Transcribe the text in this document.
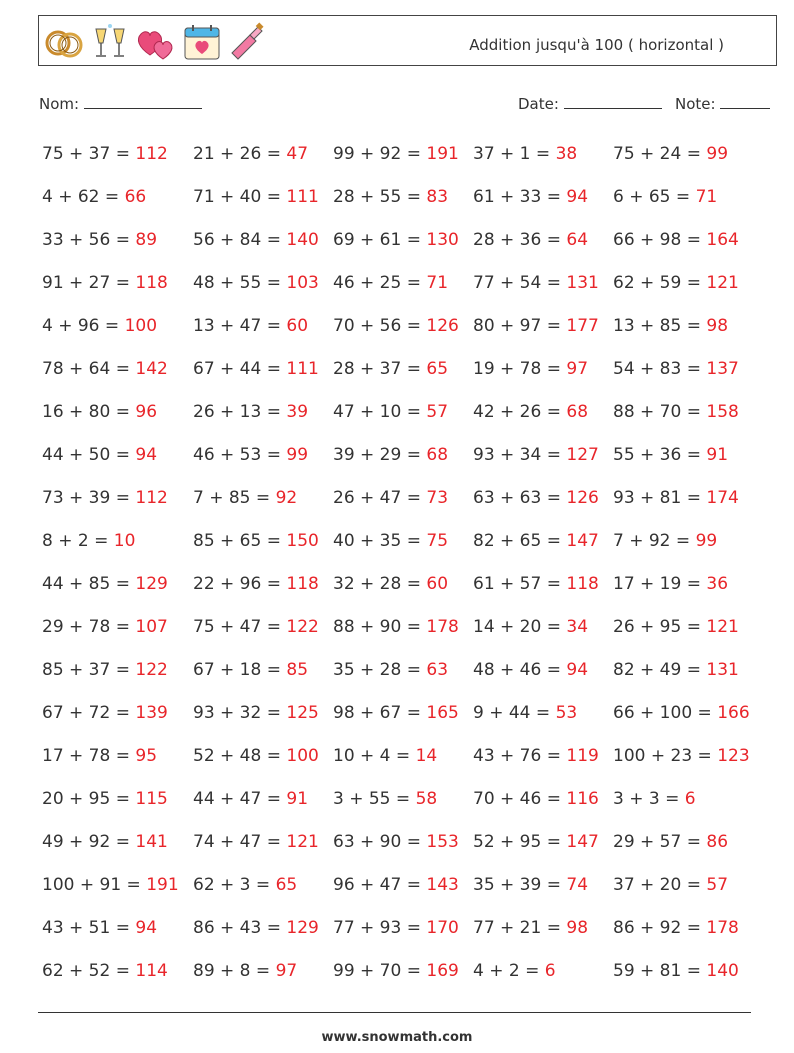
Addition jusqu'à 100 ( horizontal )
Nom:	Date:	Note:
75 + 37 = 112	21 + 26 = 47	99 + 92 = 191 37 + 1 = 38	75 + 24 = 99
4 + 62 = 66	71 + 40 = 111 28 + 55 = 83	61 + 33 = 94	6 + 65 = 71
33 + 56 = 89	56 + 84 = 140 69 + 61 = 130 28 + 36 = 64	66 + 98 = 164
91 + 27 = 118	48 + 55 = 103 46 + 25 = 71	77 + 54 = 131 62 + 59 = 121
4 + 96 = 100	13 + 47 = 60	70 + 56 = 126 80 + 97 = 177 13 + 85 = 98
78 + 64 = 142	67 + 44 = 111 28 + 37 = 65	19 + 78 = 97	54 + 83 = 137
16 + 80 = 96	26 + 13 = 39	47 + 10 = 57	42 + 26 = 68	88 + 70 = 158
44 + 50 = 94	46 + 53 = 99	39 + 29 = 68	93 + 34 = 127 55 + 36 = 91
73 + 39 = 112	7 + 85 = 92	26 + 47 = 73	63 + 63 = 126 93 + 81 = 174
8 + 2 = 10	85 + 65 = 150 40 + 35 = 75	82 + 65 = 147 7 + 92 = 99
44 + 85 = 129	22 + 96 = 118 32 + 28 = 60	61 + 57 = 118 17 + 19 = 36
29 + 78 = 107	75 + 47 = 122 88 + 90 = 178 14 + 20 = 34	26 + 95 = 121
85 + 37 = 122	67 + 18 = 85	35 + 28 = 63	48 + 46 = 94	82 + 49 = 131
67 + 72 = 139	93 + 32 = 125 98 + 67 = 165 9 + 44 = 53	66 + 100 = 166
17 + 78 = 95	52 + 48 = 100 10 + 4 = 14	43 + 76 = 119 100 + 23 = 123
20 + 95 = 115	44 + 47 = 91	3 + 55 = 58	70 + 46 = 116 3 + 3 = 6
49 + 92 = 141	74 + 47 = 121 63 + 90 = 153 52 + 95 = 147 29 + 57 = 86
100 + 91 = 191 62 + 3 = 65	96 + 47 = 143 35 + 39 = 74	37 + 20 = 57
43 + 51 = 94	86 + 43 = 129 77 + 93 = 170 77 + 21 = 98	86 + 92 = 178
62 + 52 = 114	89 + 8 = 97	99 + 70 = 169 4 + 2 = 6	59 + 81 = 140
www.snowmath.com
